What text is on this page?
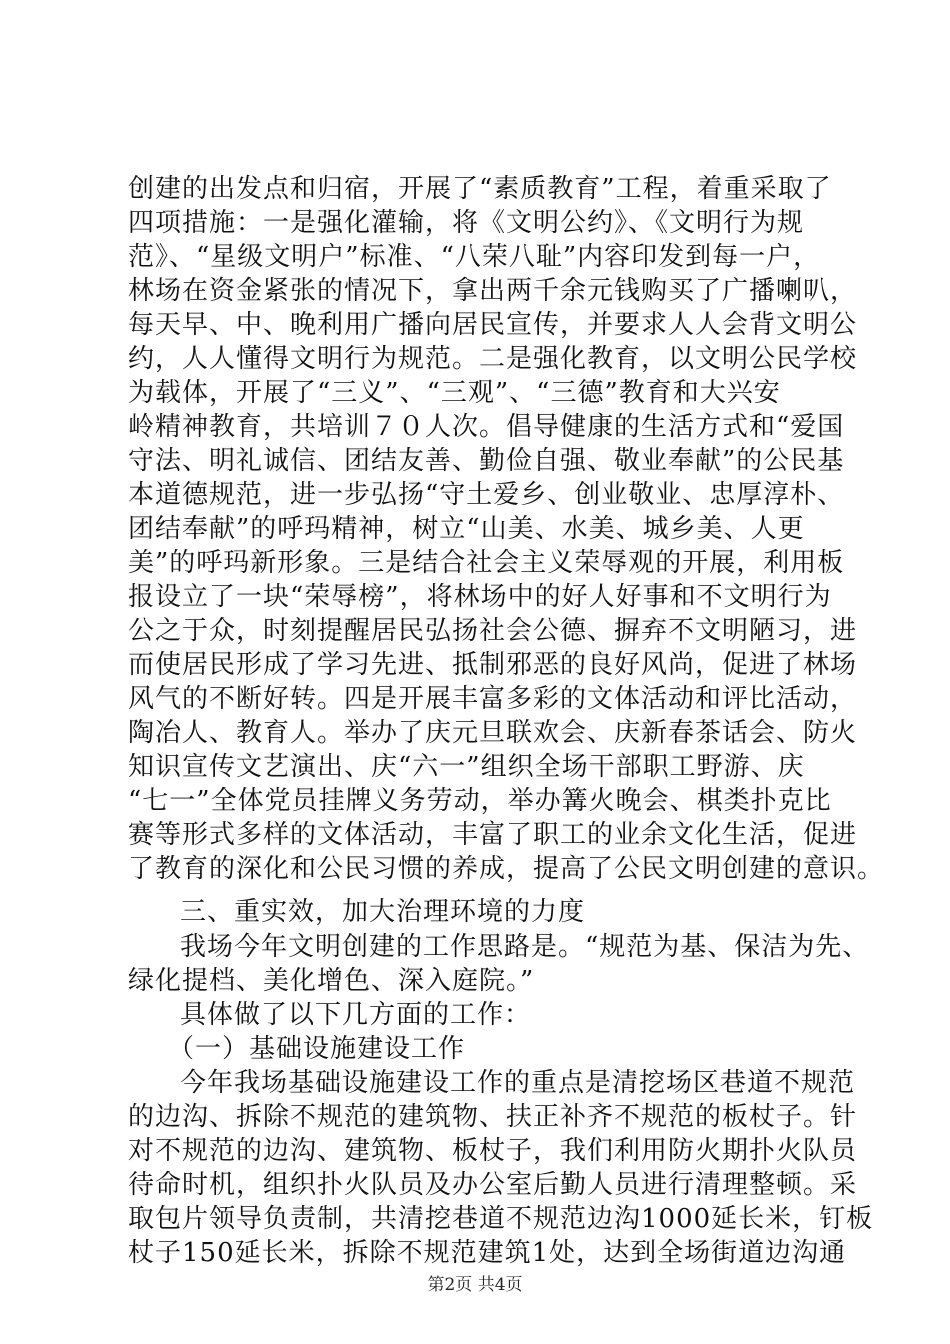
创建的出发点和归宿，开展了“素质教育”工程，着重采取了
四项措施：一是强化灌输，将《文明公约》、《文明行为规
范》、“星级文明户”标准、“八荣八耻”内容印发到每一户，
林场在资金紧张的情况下，拿出两千余元钱购买了广播喇叭，
每天早、中、晚利用广播向居民宣传，并要求人人会背文明公
约，人人懂得文明行为规范。二是强化教育，以文明公民学校
为载体，开展了“三义”、“三观”、“三德”教育和大兴安
岭精神教育，共培训７０人次。倡导健康的生活方式和“爱国
守法、明礼诚信、团结友善、勤俭自强、敬业奉献”的公民基
本道德规范，进一步弘扬“守土爱乡、创业敬业、忠厚淳朴、
团结奉献”的呼玛精神，树立“山美、水美、城乡美、人更
美”的呼玛新形象。三是结合社会主义荣辱观的开展，利用板
报设立了一块“荣辱榜”，将林场中的好人好事和不文明行为
公之于众，时刻提醒居民弘扬社会公德、摒弃不文明陋习，进
而使居民形成了学习先进、抵制邪恶的良好风尚，促进了林场
风气的不断好转。四是开展丰富多彩的文体活动和评比活动，
陶冶人、教育人。举办了庆元旦联欢会、庆新春茶话会、防火
知识宣传文艺演出、庆“六一”组织全场干部职工野游、庆
“七一”全体党员挂牌义务劳动，举办篝火晚会、棋类扑克比
赛等形式多样的文体活动，丰富了职工的业余文化生活，促进
了教育的深化和公民习惯的养成，提高了公民文明创建的意识。
三、重实效，加大治理环境的力度
我场今年文明创建的工作思路是。“规范为基、保洁为先、
绿化提档、美化增色、深入庭院。”
具体做了以下几方面的工作：
（一）基础设施建设工作
今年我场基础设施建设工作的重点是清挖场区巷道不规范
的边沟、拆除不规范的建筑物、扶正补齐不规范的板杖子。针
对不规范的边沟、建筑物、板杖子，我们利用防火期扑火队员
待命时机，组织扑火队员及办公室后勤人员进行清理整顿。采
取包片领导负责制，共清挖巷道不规范边沟1000延长米，钉板
第2页 共4页
杖子150延长米，拆除不规范建筑1处，达到全场街道边沟通
